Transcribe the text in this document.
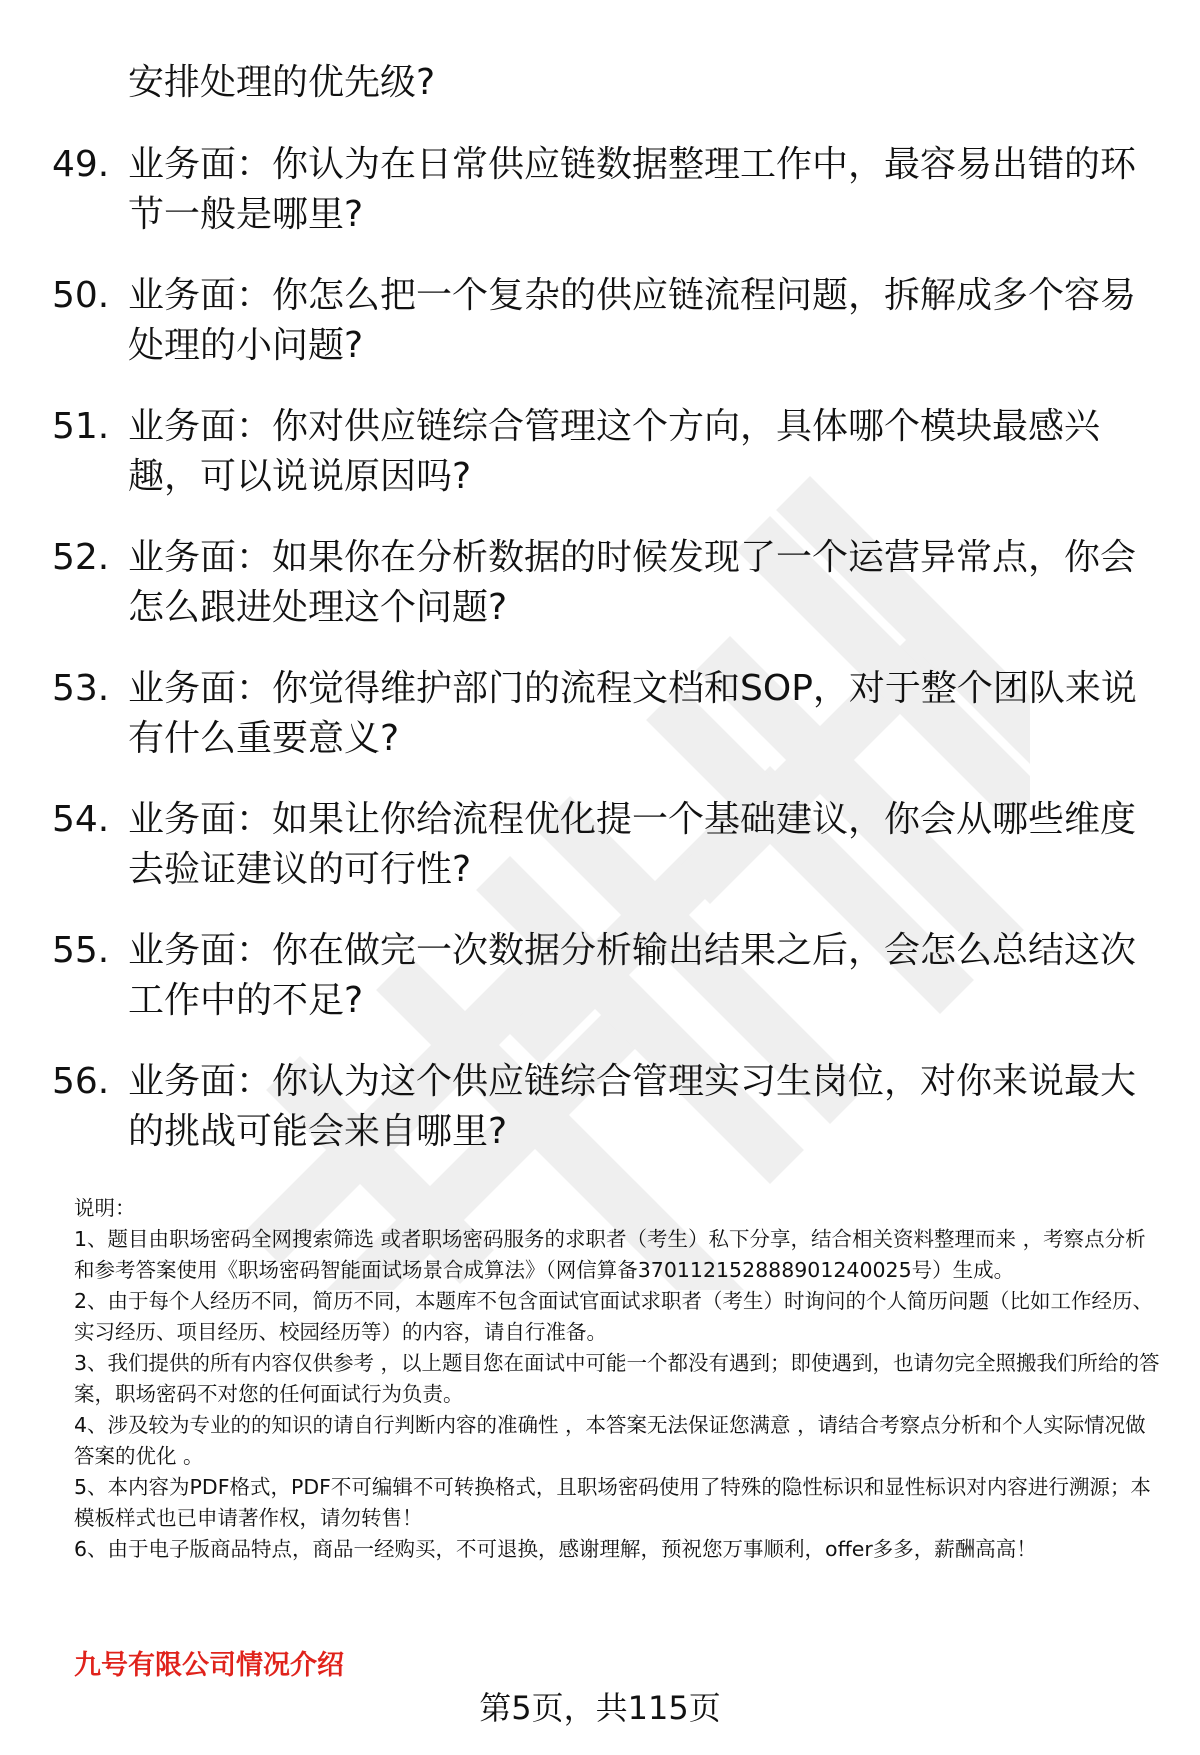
安排处理的优先级?

49. 业务面：你认为在日常供应链数据整理工作中，最容易出错的环节一般是哪里?
50. 业务面：你怎么把一个复杂的供应链流程问题，拆解成多个容易处理的小问题?
51. 业务面：你对供应链综合管理这个方向，具体哪个模块最感兴趣，可以说说原因吗?
52. 业务面：如果你在分析数据的时候发现了一个运营异常点，你会怎么跟进处理这个问题?
53. 业务面：你觉得维护部门的流程文档和SOP，对于整个团队来说有什么重要意义?
54. 业务面：如果让你给流程优化提一个基础建议，你会从哪些维度去验证建议的可行性?
55. 业务面：你在做完一次数据分析输出结果之后，会怎么总结这次工作中的不足?
56. 业务面：你认为这个供应链综合管理实习生岗位，对你来说最大的挑战可能会来自哪里?

说明：

1、题目由职场密码全网搜索筛选 或者职场密码服务的求职者（考生）私下分享，结合相关资料整理而来 ，考察点分析和参考答案使用《职场密码智能面试场景合成算法》（网信算备370112152888901240025号）生成。

2、由于每个人经历不同，简历不同，本题库不包含面试官面试求职者（考生）时询问的个人简历问题（比如工作经历、实习经历、项目经历、校园经历等）的内容，请自行准备。

3、我们提供的所有内容仅供参考 ，以上题目您在面试中可能一个都没有遇到；即使遇到，也请勿完全照搬我们所给的答案，职场密码不对您的任何面试行为负责。

4、涉及较为专业的的知识的请自行判断内容的准确性 ，本答案无法保证您满意 ，请结合考察点分析和个人实际情况做答案的优化 。

5、本内容为PDF格式，PDF不可编辑不可转换格式，且职场密码使用了特殊的隐性标识和显性标识对内容进行溯源；本模板样式也已申请著作权，请勿转售！

6、由于电子版商品特点，商品一经购买，不可退换，感谢理解，预祝您万事顺利，offer多多，薪酬高高！

九号有限公司情况介绍

第5页，共115页
